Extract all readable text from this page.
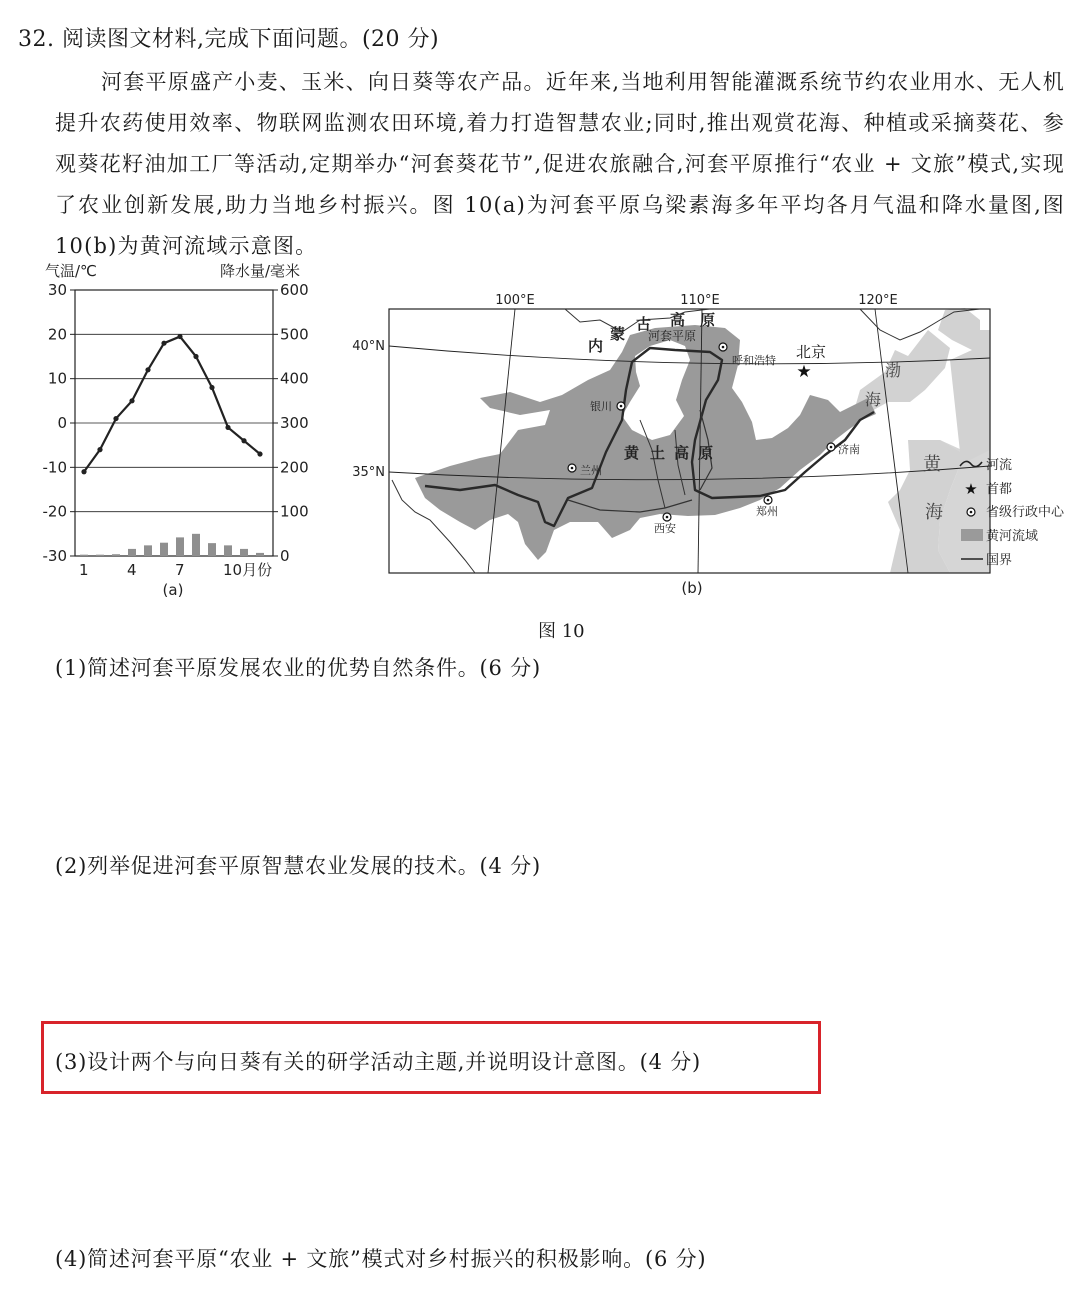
32. 阅读图文材料,完成下面问题。(20 分)
河套平原盛产小麦、玉米、向日葵等农产品。近年来,当地利用智能灌溉系统节约农业用水、无人机提升农药使用效率、物联网监测农田环境,着力打造智慧农业;同时,推出观赏花海、种植或采摘葵花、参观葵花籽油加工厂等活动,定期举办“河套葵花节”,促进农旅融合,河套平原推行“农业 + 文旅”模式,实现了农业创新发展,助力当地乡村振兴。图 10(a)为河套平原乌梁素海多年平均各月气温和降水量图,图 10(b)为黄河流域示意图。
气温/℃	降水量/毫米
30
20
10
0
-10
-20
-30
600
500
400
300
200
100
0
1	4	7	10月份
(a)
100°E	110°E	120°E
40°N
35°N
内
蒙
古 高 原
河套平原
黄 土 高 原
★
北京
呼和浩特
银川
兰州
西安
郑州
济南
渤
海
黄
海
(b)
河流
★ 首都
省级行政中心
黄河流域
国界
图 10
(1)简述河套平原发展农业的优势自然条件。(6 分)
(2)列举促进河套平原智慧农业发展的技术。(4 分)
(3)设计两个与向日葵有关的研学活动主题,并说明设计意图。(4 分)
(4)简述河套平原“农业 + 文旅”模式对乡村振兴的积极影响。(6 分)
